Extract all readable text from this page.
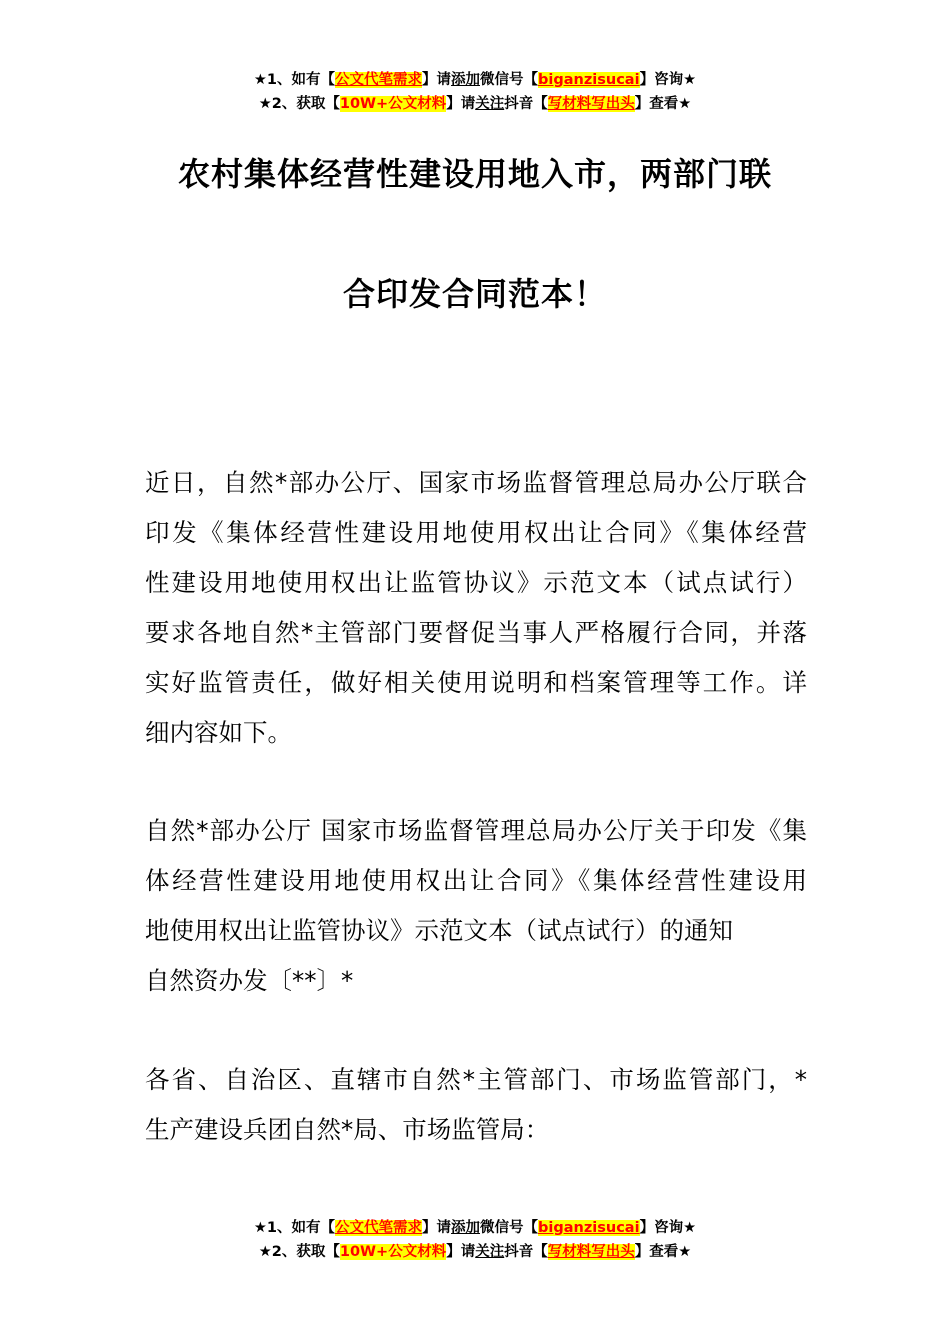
★1、如有【公文代笔需求】请添加微信号【biganzisucai】咨询★
★2、获取【10W+公文材料】请关注抖音【写材料写出头】查看★
农村集体经营性建设用地入市，两部门联
合印发合同范本！
近日，自然*部办公厅、国家市场监督管理总局办公厅联合
印发《集体经营性建设用地使用权出让合同》《集体经营
性建设用地使用权出让监管协议》示范文本（试点试行）
要求各地自然*主管部门要督促当事人严格履行合同，并落
实好监管责任，做好相关使用说明和档案管理等工作。详
细内容如下。
自然*部办公厅 国家市场监督管理总局办公厅关于印发《集
体经营性建设用地使用权出让合同》《集体经营性建设用
地使用权出让监管协议》示范文本（试点试行）的通知
自然资办发〔**〕*
各省、自治区、直辖市自然*主管部门、市场监管部门，*
生产建设兵团自然*局、市场监管局：
★1、如有【公文代笔需求】请添加微信号【biganzisucai】咨询★
★2、获取【10W+公文材料】请关注抖音【写材料写出头】查看★
